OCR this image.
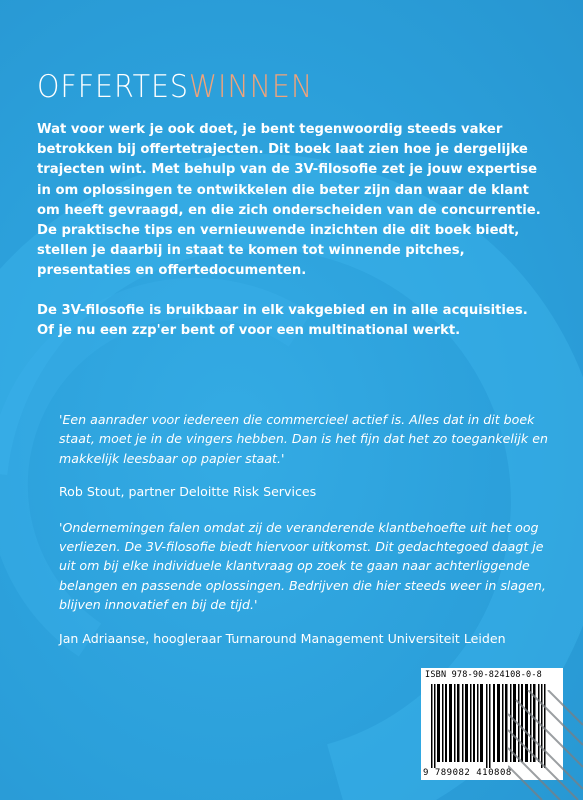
OFFERTESWINNEN

Wat voor werk je ook doet, je bent tegenwoordig steeds vaker betrokken bij offertetrajecten. Dit boek laat zien hoe je dergelijke trajecten wint. Met behulp van de 3V-filosofie zet je jouw expertise in om oplossingen te ontwikkelen die beter zijn dan waar de klant om heeft gevraagd, en die zich onderscheiden van de concurrentie. De praktische tips en vernieuwende inzichten die dit boek biedt, stellen je daarbij in staat te komen tot winnende pitches, presentaties en offertedocumenten.

De 3V-filosofie is bruikbaar in elk vakgebied en in alle acquisities. Of je nu een zzp'er bent of voor een multinational werkt.

'Een aanrader voor iedereen die commercieel actief is. Alles dat in dit boek staat, moet je in de vingers hebben. Dan is het fijn dat het zo toegankelijk en makkelijk leesbaar op papier staat.'

Rob Stout, partner Deloitte Risk Services

'Ondernemingen falen omdat zij de veranderende klantbehoefte uit het oog verliezen. De 3V-filosofie biedt hiervoor uitkomst. Dit gedachtegoed daagt je uit om bij elke individuele klantvraag op zoek te gaan naar achterliggende belangen en passende oplossingen. Bedrijven die hier steeds weer in slagen, blijven innovatief en bij de tijd.'

Jan Adriaanse, hoogleraar Turnaround Management Universiteit Leiden

ISBN 978-90-824108-0-8
9 789082 410808
